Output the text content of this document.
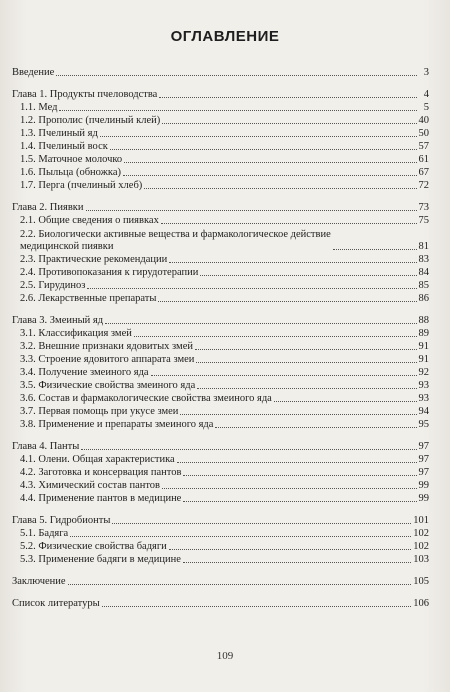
ОГЛАВЛЕНИЕ
Введение	3
Глава 1. Продукты пчеловодства	4
1.1. Мед	5
1.2. Прополис (пчелиный клей)	40
1.3. Пчелиный яд	50
1.4. Пчелиный воск	57
1.5. Маточное молочко	61
1.6. Пыльца (обножка)	67
1.7. Перга (пчелиный хлеб)	72
Глава 2. Пиявки	73
2.1. Общие сведения о пиявках	75
2.2. Биологически активные вещества и фармакологическое действие
медицинской пиявки	81
2.3. Практические рекомендации	83
2.4. Противопоказания к гирудотерапии	84
2.5. Гирудиноз	85
2.6. Лекарственные препараты	86
Глава 3. Змеиный яд	88
3.1. Классификация змей	89
3.2. Внешние признаки ядовитых змей	91
3.3. Строение ядовитого аппарата змеи	91
3.4. Получение змеиного яда	92
3.5. Физические свойства змеиного яда	93
3.6. Состав и фармакологические свойства змеиного яда	93
3.7. Первая помощь при укусе змеи	94
3.8. Применение и препараты змеиного яда	95
Глава 4. Панты	97
4.1. Олени. Общая характеристика	97
4.2. Заготовка и консервация пантов	97
4.3. Химический состав пантов	99
4.4. Применение пантов в медицине	99
Глава 5. Гидробионты	101
5.1. Бадяга	102
5.2. Физические свойства бадяги	102
5.3. Применение бадяги в медицине	103
Заключение	105
Список литературы	106
109
